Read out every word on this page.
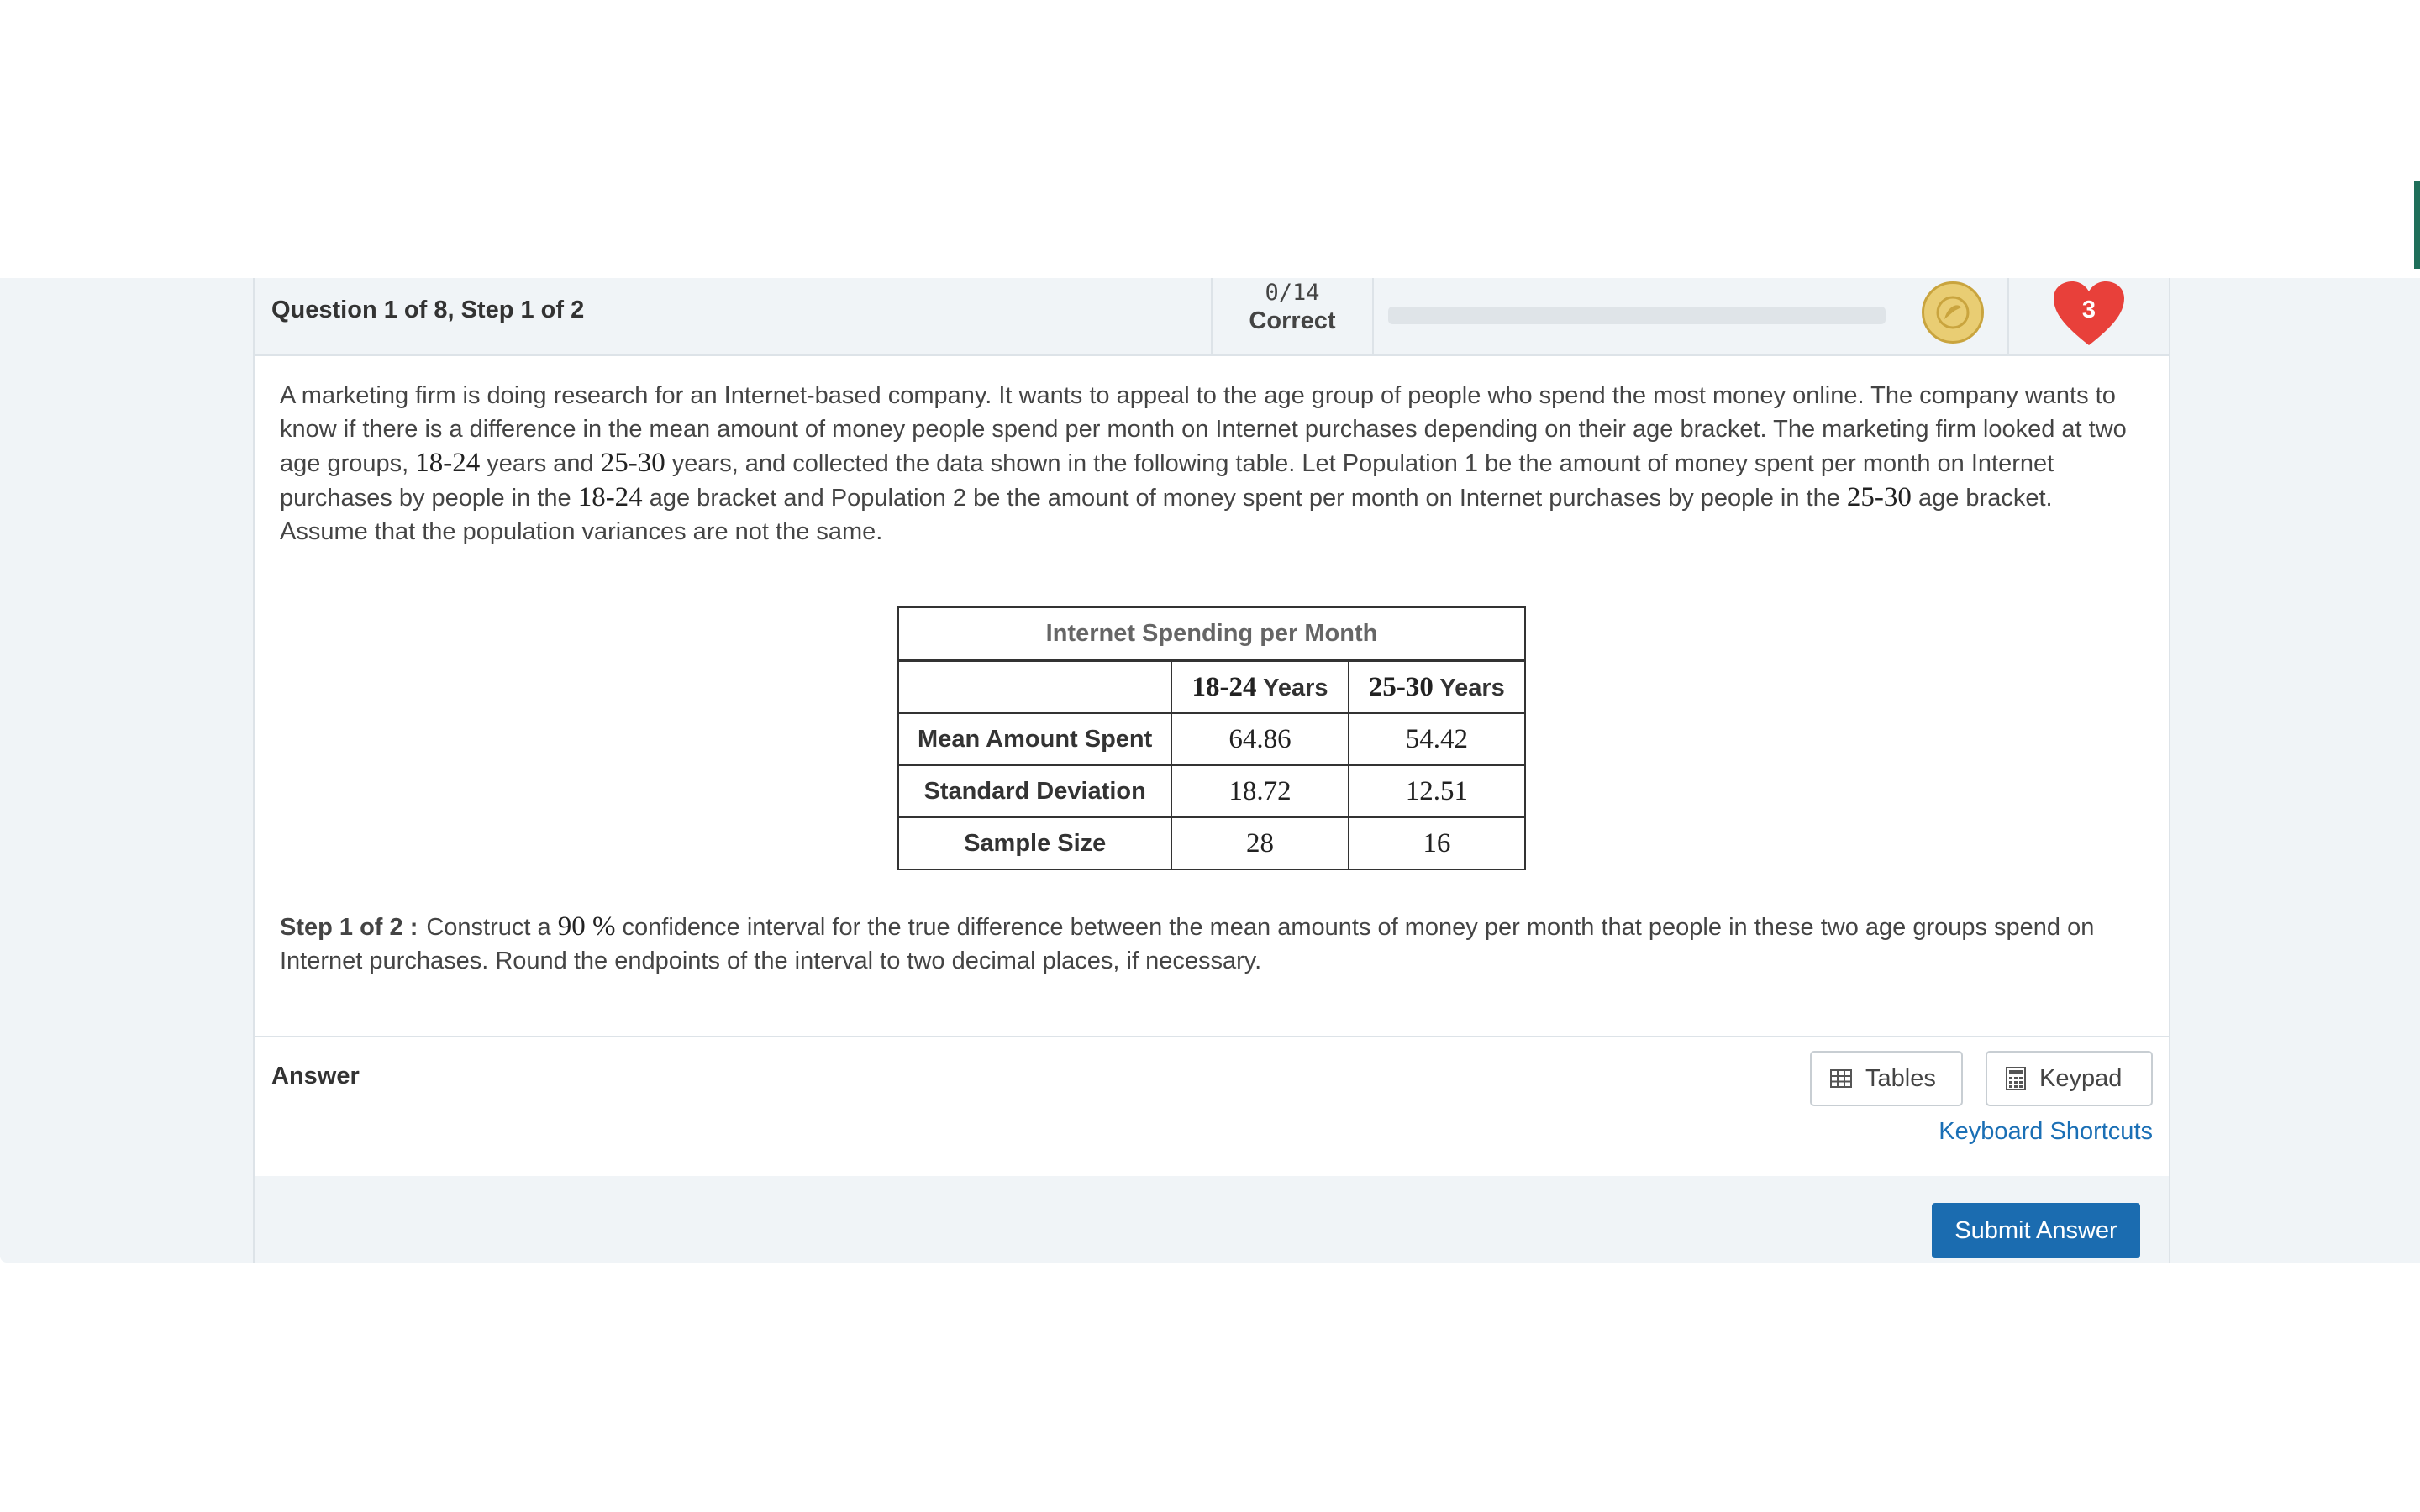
Question 1 of 8, Step 1 of 2
0/14
Correct	3
A marketing firm is doing research for an Internet-based company. It wants to appeal to the age group of people who spend the most money online. The company wants to know if there is a difference in the mean amount of money people spend per month on Internet purchases depending on their age bracket. The marketing firm looked at two age groups, 18-24 years and 25-30 years, and collected the data shown in the following table. Let Population 1 be the amount of money spent per month on Internet purchases by people in the 18-24 age bracket and Population 2 be the amount of money spent per month on Internet purchases by people in the 25-30 age bracket. Assume that the population variances are not the same.
Internet Spending per Month		
	18-24 Years	25-30 Years
Mean Amount Spent	64.86	54.42
Standard Deviation	18.72	12.51
Sample Size	28	16
Step 1 of 2 : Construct a 90 % confidence interval for the true difference between the mean amounts of money per month that people in these two age groups spend on Internet purchases. Round the endpoints of the interval to two decimal places, if necessary.
Answer	Tables	Keypad
Keyboard Shortcuts
Submit Answer
